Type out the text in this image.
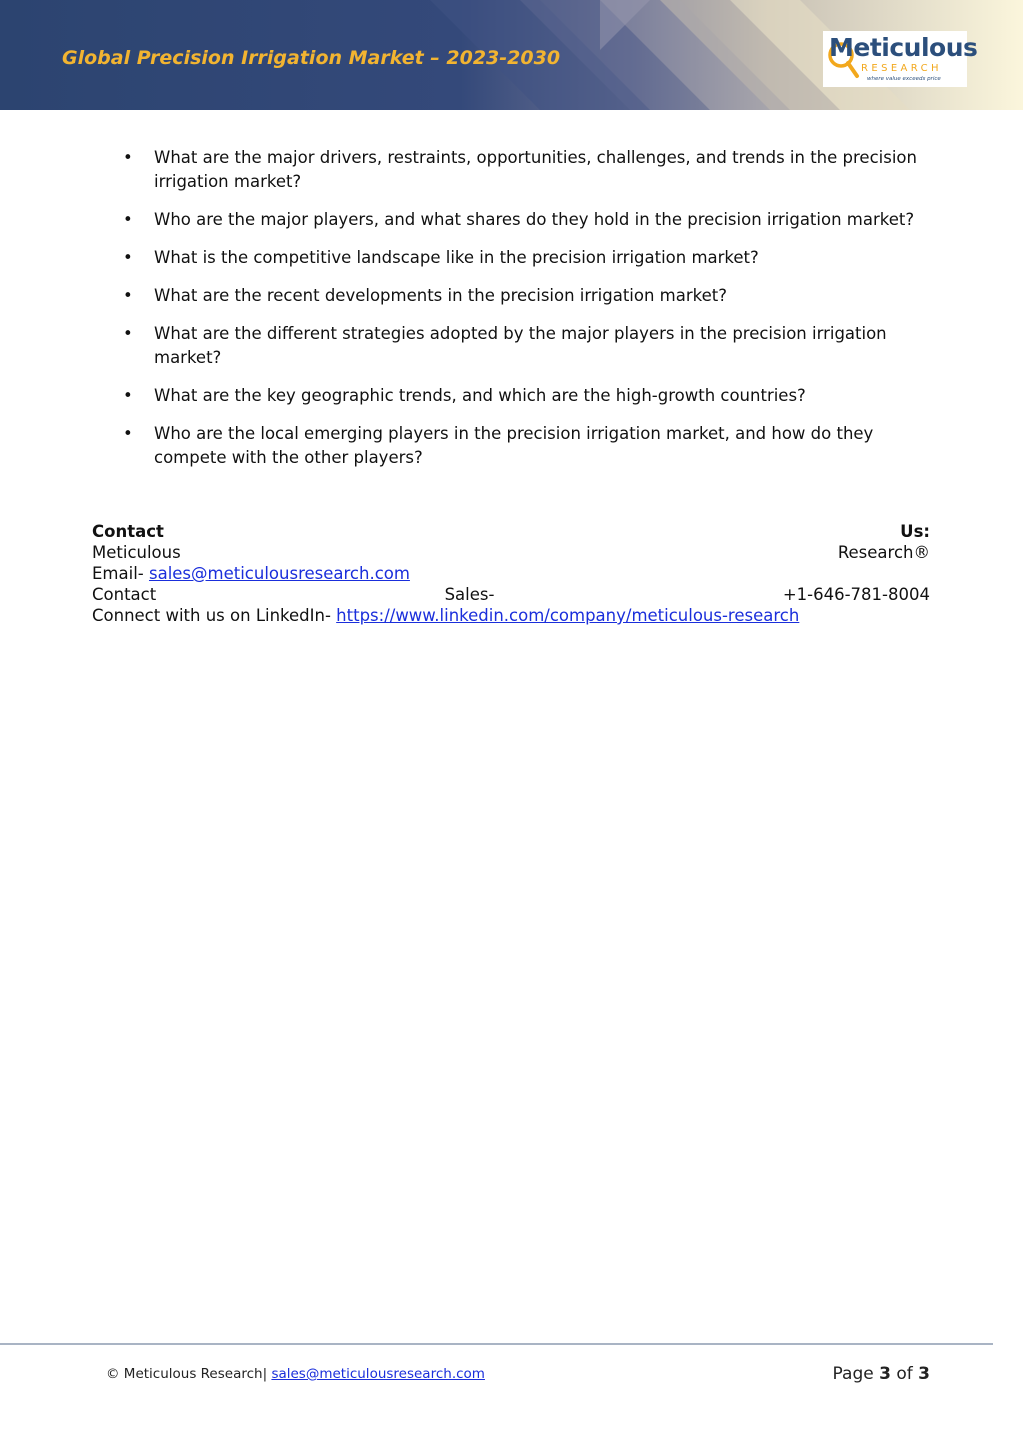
Global Precision Irrigation Market – 2023-2030	Meticulous
RESEARCH
where value exceeds price
• What are the major drivers, restraints, opportunities, challenges, and trends in the precision irrigation market?
• Who are the major players, and what shares do they hold in the precision irrigation market?
• What is the competitive landscape like in the precision irrigation market?
• What are the recent developments in the precision irrigation market?
• What are the different strategies adopted by the major players in the precision irrigation market?
• What are the key geographic trends, and which are the high-growth countries?
• Who are the local emerging players in the precision irrigation market, and how do they compete with the other players?
Contact	Us:
Meticulous	Research®
Email- sales@meticulousresearch.com
Contact	Sales-	+1-646-781-8004
Connect with us on LinkedIn- https://www.linkedin.com/company/meticulous-research
© Meticulous Research| sales@meticulousresearch.com	Page 3 of 3
